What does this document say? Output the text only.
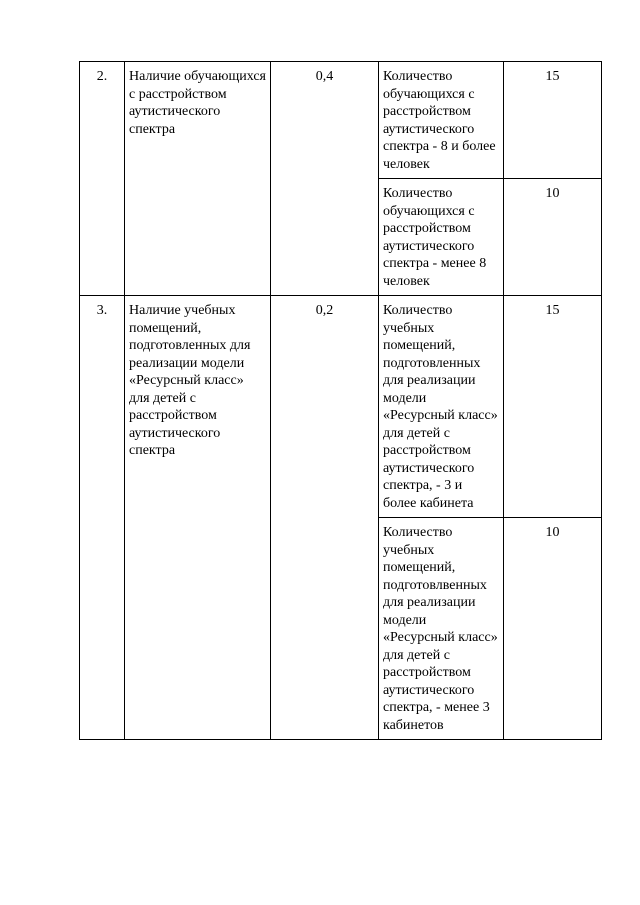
2.	Наличие обучающихся с расстройством аутистического спектра	0,4	Количество обучающихся с расстройством аутистического спектра - 8 и более человек	15
			Количество обучающихся с расстройством аутистического спектра - менее 8 человек	10
3.	Наличие учебных помещений, подготовленных для реализации модели «Ресурсный класс» для детей с расстройством аутистического спектра	0,2	Количество учебных помещений, подготовленных для реализации модели «Ресурсный класс» для детей с расстройством аутистического спектра, - 3 и более кабинета	15
			Количество учебных помещений, подготовлвенных для реализации модели «Ресурсный класс» для детей с расстройством аутистического спектра, - менее 3 кабинетов	10
